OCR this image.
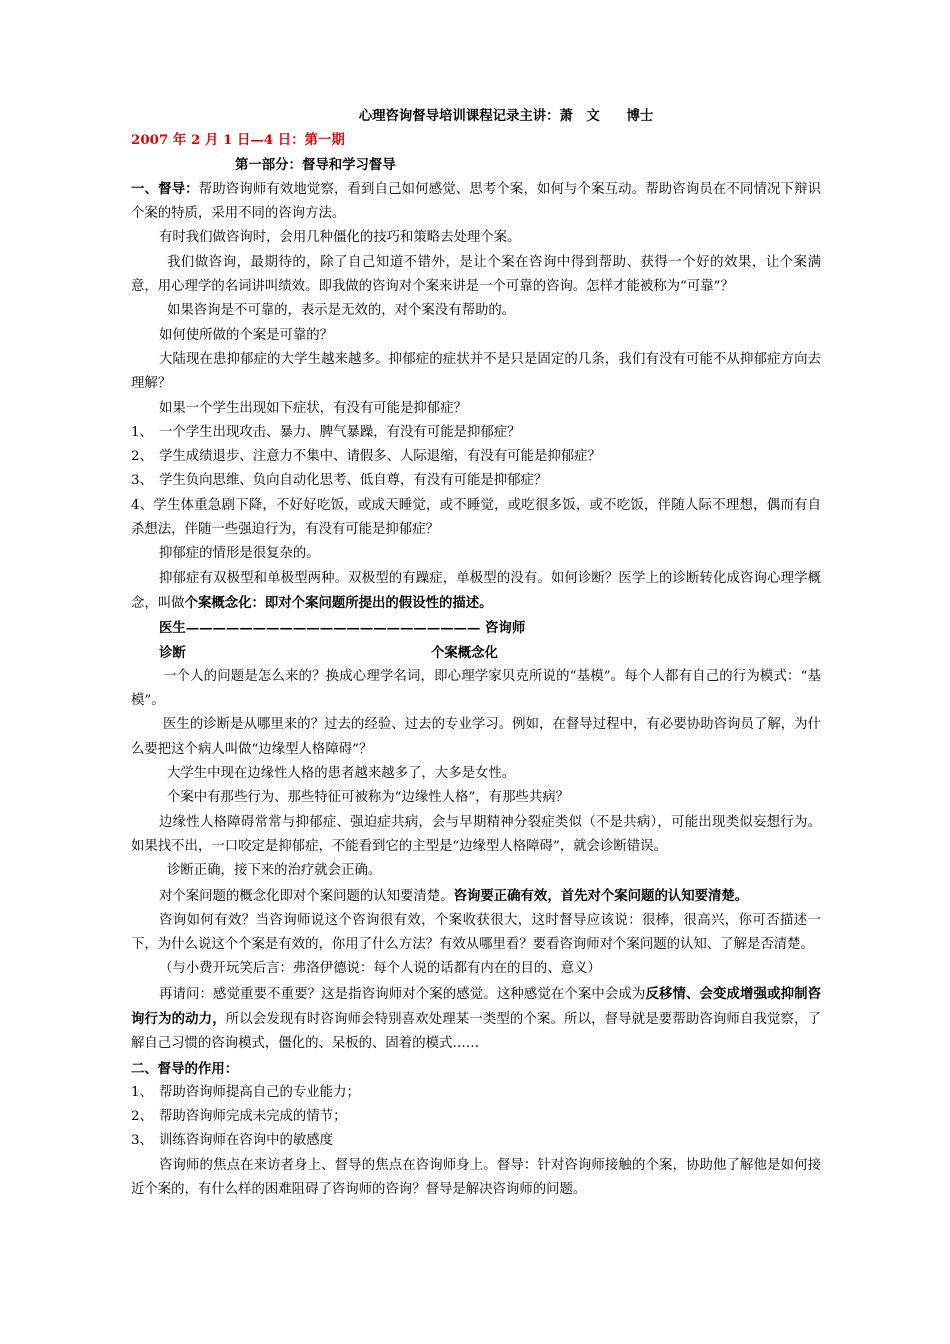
心理咨询督导培训课程记录主讲：萧　文　　博士
2007 年 2 月 1 日—4 日：第一期
第一部分：督导和学习督导
一、督导：帮助咨询师有效地觉察，看到自己如何感觉、思考个案，如何与个案互动。帮助咨询员在不同情况下辩识个案的特质，采用不同的咨询方法。
有时我们做咨询时，会用几种僵化的技巧和策略去处理个案。
我们做咨询，最期待的，除了自己知道不错外，是让个案在咨询中得到帮助、获得一个好的效果，让个案满意，用心理学的名词讲叫绩效。即我做的咨询对个案来讲是一个可靠的咨询。怎样才能被称为“可靠”？
如果咨询是不可靠的，表示是无效的，对个案没有帮助的。
如何使所做的个案是可靠的？
大陆现在患抑郁症的大学生越来越多。抑郁症的症状并不是只是固定的几条，我们有没有可能不从抑郁症方向去理解？
如果一个学生出现如下症状，有没有可能是抑郁症？
1、 一个学生出现攻击、暴力、脾气暴躁，有没有可能是抑郁症？
2、 学生成绩退步、注意力不集中、请假多、人际退缩，有没有可能是抑郁症？
3、 学生负向思维、负向自动化思考、低自尊，有没有可能是抑郁症？
4、学生体重急剧下降，不好好吃饭，或成天睡觉，或不睡觉，或吃很多饭，或不吃饭，伴随人际不理想，偶而有自杀想法，伴随一些强迫行为，有没有可能是抑郁症？
抑郁症的情形是很复杂的。
抑郁症有双极型和单极型两种。双极型的有躁症，单极型的没有。如何诊断？医学上的诊断转化成咨询心理学概念，叫做个案概念化：即对个案问题所提出的假设性的描述。
医生—————————————————————— 咨询师
诊断	个案概念化
一个人的问题是怎么来的？换成心理学名词，即心理学家贝克所说的“基模”。每个人都有自己的行为模式：“基模”。
医生的诊断是从哪里来的？过去的经验、过去的专业学习。例如，在督导过程中，有必要协助咨询员了解，为什么要把这个病人叫做“边缘型人格障碍”？
大学生中现在边缘性人格的患者越来越多了，大多是女性。
个案中有那些行为、那些特征可被称为“边缘性人格”，有那些共病？
边缘性人格障碍常常与抑郁症、强迫症共病，会与早期精神分裂症类似（不是共病），可能出现类似妄想行为。如果找不出，一口咬定是抑郁症，不能看到它的主型是“边缘型人格障碍”，就会诊断错误。
诊断正确，接下来的治疗就会正确。
对个案问题的概念化即对个案问题的认知要清楚。咨询要正确有效，首先对个案问题的认知要清楚。
咨询如何有效？当咨询师说这个咨询很有效，个案收获很大，这时督导应该说：很棒，很高兴，你可否描述一下，为什么说这个个案是有效的，你用了什么方法？有效从哪里看？要看咨询师对个案问题的认知、了解是否清楚。
（与小费开玩笑后言：弗洛伊德说：每个人说的话都有内在的目的、意义）
再请问：感觉重要不重要？这是指咨询师对个案的感觉。这种感觉在个案中会成为反移情、会变成增强或抑制咨询行为的动力，所以会发现有时咨询师会特别喜欢处理某一类型的个案。所以，督导就是要帮助咨询师自我觉察，了解自己习惯的咨询模式，僵化的、呆板的、固着的模式……
二、督导的作用：
1、 帮助咨询师提高自己的专业能力；
2、 帮助咨询师完成未完成的情节；
3、 训练咨询师在咨询中的敏感度
咨询师的焦点在来访者身上、督导的焦点在咨询师身上。督导：针对咨询师接触的个案，协助他了解他是如何接近个案的，有什么样的困难阻碍了咨询师的咨询？督导是解决咨询师的问题。
